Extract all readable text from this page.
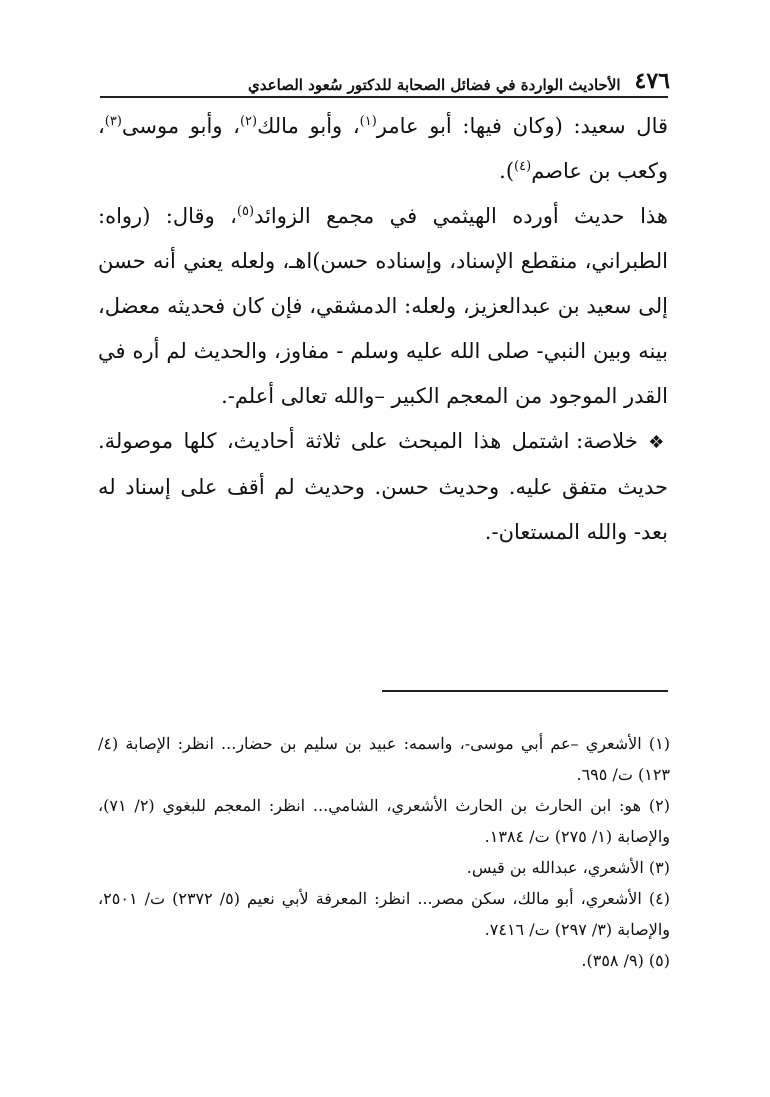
٤٧٦
الأحاديث الواردة في فضائل الصحابة للدكتور سُعود الصاعدي

قال سعيد: (وكان فيها: أبو عامر$^{(١)}$، وأبو مالك$^{(٢)}$، وأبو موسى$^{(٣)}$، وكعب بن عاصم$^{(٤)}$).

هذا حديث أورده الهيثمي في مجمع الزوائد$^{(٥)}$، وقال: (رواه: الطبراني، منقطع الإسناد، وإسناده حسن)اهـ، ولعله يعني أنه حسن إلى سعيد بن عبدالعزيز، ولعله: الدمشقي، فإن كان فحديثه معضل، بينه وبين النبي- صلى الله عليه وسلم - مفاوز، والحديث لم أره في القدر الموجود من المعجم الكبير –والله تعالى أعلم-.

❖ خلاصة: اشتمل هذا المبحث على ثلاثة أحاديث، كلها موصولة. حديث متفق عليه. وحديث حسن. وحديث لم أقف على إسناد له بعد- والله المستعان-.

(١) الأشعري –عم أبي موسى-، واسمه: عبيد بن سليم بن حضار... انظر: الإصابة (٤/ ١٢٣) ت/ ٦٩٥.

(٢) هو: ابن الحارث بن الحارث الأشعري، الشامي... انظر: المعجم للبغوي (٢/ ٧١)، والإصابة (١/ ٢٧٥) ت/ ١٣٨٤.

(٣) الأشعري، عبدالله بن قيس.

(٤) الأشعري، أبو مالك، سكن مصر... انظر: المعرفة لأبي نعيم (٥/ ٢٣٧٢) ت/ ٢٥٠١، والإصابة (٣/ ٢٩٧) ت/ ٧٤١٦.

(٥) (٩/ ٣٥٨).
